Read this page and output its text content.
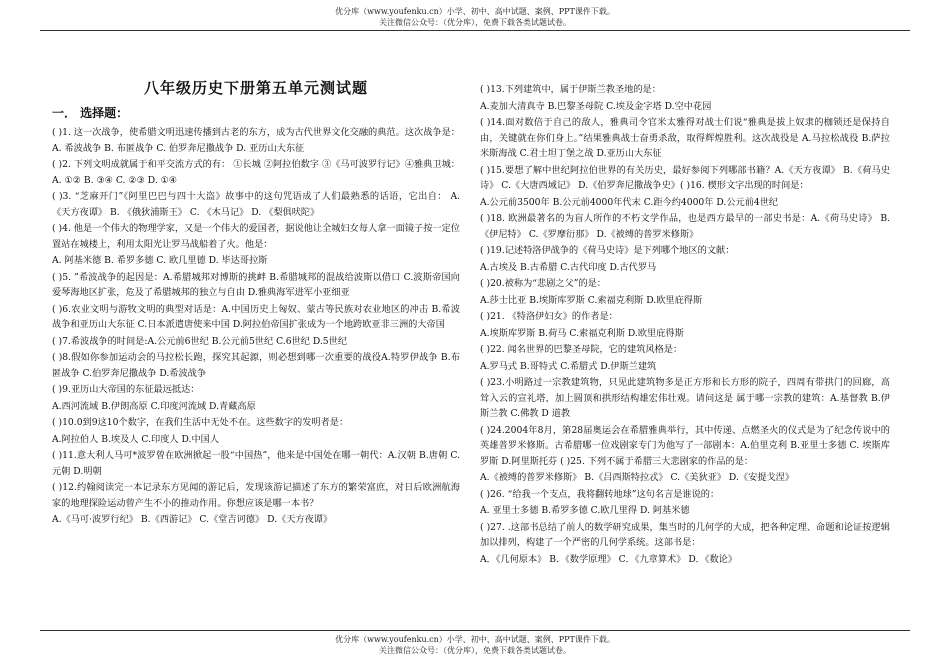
优分库（www.youfenku.cn）小学、初中、高中试题、案例、PPT课件下载。
关注微信公众号：（优分库），免费下载各类试题试卷。
八年级历史下册第五单元测试题
一． 选择题：
( )1. 这一次战争，使希腊文明迅速传播到古老的东方，成为古代世界文化交融的典范。这次战争是： A. 希波战争 B. 布匿战争 C. 伯罗奔尼撒战争 D. 亚历山大东征
( )2. 下列文明成就属于和平交流方式的有： ①长城 ②阿拉伯数字 ③《马可波罗行记》④雅典卫城：A. ①② B. ③④ C. ②③ D. ①④
( )3. “芝麻开门”《阿里巴巴与四十大盗》故事中的这句咒语成了人们最熟悉的话语，它出自： A. 《天方夜谭》 B. 《俄狄浦斯王》 C. 《木马记》 D. 《梨俱吠陀》
( )4. 他是一个伟大的物理学家，又是一个伟大的爱国者，据说他让全城妇女每人拿一面镜子按一定位置站在城楼上，利用太阳光让罗马战船着了火。他是：
A. 阿基米德 B. 希罗多德 C. 欧几里德 D. 毕达哥拉斯
( )5. ”希波战争的起因是：A.希腊城邦对博斯的挑衅 B.希腊城邦的混战给波斯以借口 C.波斯帝国向爱琴海地区扩张，危及了希腊城邦的独立与自由 D.雅典海军进军小亚细亚
( )6.农业文明与游牧文明的典型对话是：A.中国历史上匈奴、蒙古等民族对农业地区的冲击 B.希波战争和亚历山大东征 C.日本派遣唐使来中国 D.阿拉伯帝国扩张成为一个地跨欧亚非三洲的大帝国
( )7.希波战争的时间是:A.公元前6世纪 B.公元前5世纪 C.6世纪 D.5世纪
( )8.假如你参加运动会的马拉松长跑，探究其起源，则必想到哪一次重要的战役A.特罗伊战争 B.布匿战争 C.伯罗奔尼撒战争 D.希波战争
( )9.亚历山大帝国的东征最远抵达：
A.西河流域 B.伊朗高原 C.印度河流域 D.青藏高原
( )10.0到9这10个数字，在我们生活中无处不在。这些数字的发明者是：
A.阿拉伯人 B.埃及人 C.印度人 D.中国人
( )11.意大利人马可*波罗曾在欧洲掀起一股“中国热”，他来是中国处在哪一朝代：A.汉朝 B.唐朝 C.元朝 D.明朝
( )12.约翰阅读完一本记录东方见闻的游记后，发现该游记描述了东方的繁荣富庶，对日后欧洲航海家的地理探险运动曾产生不小的推动作用。你想应该是哪一本书？
A.《马可·波罗行纪》 B.《西游记》 C.《堂吉诃德》 D.《天方夜谭》
( )13.下列建筑中，属于伊斯兰教圣地的是：
A.麦加大清真寺 B.巴黎圣母院 C.埃及金字塔 D.空中花园
( )14.面对数倍于自己的敌人，雅典司令官米太雅得对战士们说“雅典是拔上奴隶的枷锁还是保持自由，关键就在你们身上。”结果雅典战士奋勇杀敌，取得辉煌胜利。这次战役是 A.马拉松战役 B.萨拉米斯海战 C.君士坦丁堡之战 D.亚历山大东征
( )15.要想了解中世纪阿拉伯世界的有关历史，最好参阅下列哪部书籍？A.《天方夜谭》 B.《荷马史诗》 C.《大唐西域记》 D.《伯罗奔尼撒战争史》( )16. 楔形文字出现的时间是：
A.公元前3500年 B.公元前4000年代末 C.距今约4000年 D.公元前4世纪
( )18. 欧洲最著名的为盲人所作的不朽文学作品，也是西方最早的一部史书是：A.《荷马史诗》 B.《伊尼特》 C.《罗摩衍那》 D.《被缚的普罗米修斯》
( )19.记述特洛伊战争的《荷马史诗》是下列哪个地区的文献：
A.古埃及 B.古希腊 C.古代印度 D.古代罗马
( )20.被称为“悲剧之父”的是：
A.莎士比亚 B.埃斯库罗斯 C.索福克利斯 D.欧里庇得斯
( )21. 《特洛伊妇女》的作者是：
A.埃斯库罗斯 B.荷马 C.索福克利斯 D.欧里庇得斯
( )22. 闻名世界的巴黎圣母院，它的建筑风格是：
A.罗马式 B.哥特式 C.希腊式 D.伊斯兰建筑
( )23.小明路过一宗教建筑物，只见此建筑物多是正方形和长方形的院子，四周有带拱门的回廊，高耸入云的宣礼塔，加上圆顶和拱形结构雄宏伟壮观。请问这是 属于哪一宗教的建筑：A.基督教 B.伊斯兰教 C.佛教 D 道教
( )24.2004年8月，第28届奥运会在希腊雅典举行，其中传递、点燃圣火的仪式是为了纪念传说中的英雄普罗米修斯。古希腊哪一位戏剧家专门为他写了一部剧本：A.伯里克利 B.亚里士多德 C. 埃斯库罗斯 D.阿里斯托芬 ( )25. 下列不属于希腊三大悲剧家的作品的是：
A.《被缚的普罗米修斯》 B.《吕西斯特拉忒》 C.《美狄亚》 D.《安提戈涅》
( )26. “给我一个支点，我将翻转地球”这句名言是谁说的：
A. 亚里士多德 B.希罗多德 C.欧几里得 D. 阿基米德
( )27. .这部书总结了前人的数学研究成果，集当时的几何学的大成，把各种定理、命题和论证按逻辑加以排列，构建了一个严密的几何学系统。这部书是：
A．《几何原本》 B．《数学原理》 C．《九章算术》 D．《数论》
优分库（www.youfenku.cn）小学、初中、高中试题、案例、PPT课件下载。
关注微信公众号：（优分库），免费下载各类试题试卷。
